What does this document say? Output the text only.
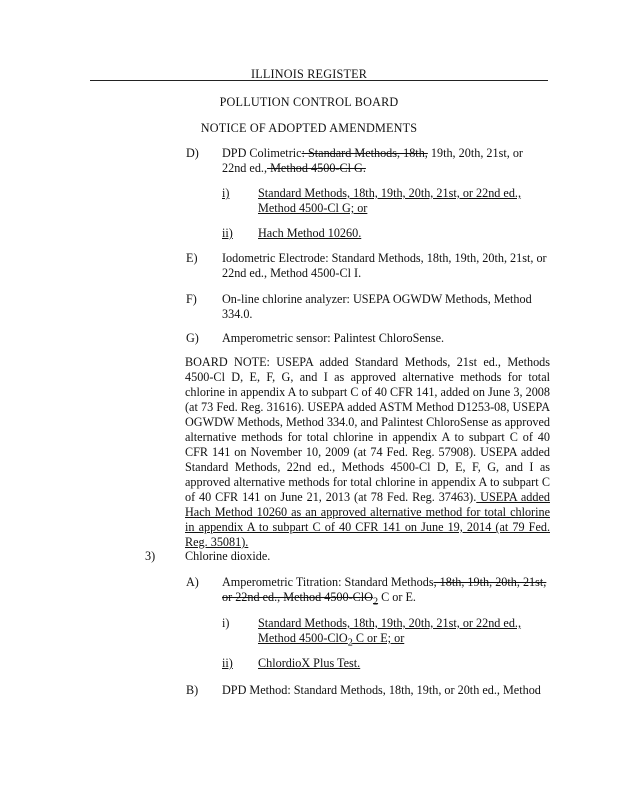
ILLINOIS REGISTER
POLLUTION CONTROL BOARD
NOTICE OF ADOPTED AMENDMENTS
D) DPD Colimetric: Standard Methods, 18th, 19th, 20th, 21st, or
22nd ed., Method 4500-Cl G.
i) Standard Methods, 18th, 19th, 20th, 21st, or 22nd ed.,
Method 4500-Cl G; or
ii) Hach Method 10260.
E) Iodometric Electrode: Standard Methods, 18th, 19th, 20th, 21st, or
22nd ed., Method 4500-Cl I.
F) On-line chlorine analyzer: USEPA OGWDW Methods, Method
334.0.
G) Amperometric sensor: Palintest ChloroSense.

BOARD NOTE: USEPA added Standard Methods, 21st ed., Methods 4500-Cl D, E, F, G, and I as approved alternative methods for total chlorine in appendix A to subpart C of 40 CFR 141, added on June 3, 2008 (at 73 Fed. Reg. 31616). USEPA added ASTM Method D1253-08, USEPA OGWDW Methods, Method 334.0, and Palintest ChloroSense as approved alternative methods for total chlorine in appendix A to subpart C of 40 CFR 141 on November 10, 2009 (at 74 Fed. Reg. 57908). USEPA added Standard Methods, 22nd ed., Methods 4500-Cl D, E, F, G, and I as approved alternative methods for total chlorine in appendix A to subpart C of 40 CFR 141 on June 21, 2013 (at 78 Fed. Reg. 37463). USEPA added Hach Method 10260 as an approved alternative method for total chlorine in appendix A to subpart C of 40 CFR 141 on June 19, 2014 (at 79 Fed. Reg. 35081).

3) Chlorine dioxide.
A) Amperometric Titration: Standard Methods, 18th, 19th, 20th, 21st,
or 22nd ed., Method 4500-ClO$_2$ C or E.
i) Standard Methods, 18th, 19th, 20th, 21st, or 22nd ed.,
Method 4500-ClO$_2$ C or E; or
ii) ChlordioX Plus Test.
B) DPD Method: Standard Methods, 18th, 19th, or 20th ed., Method
